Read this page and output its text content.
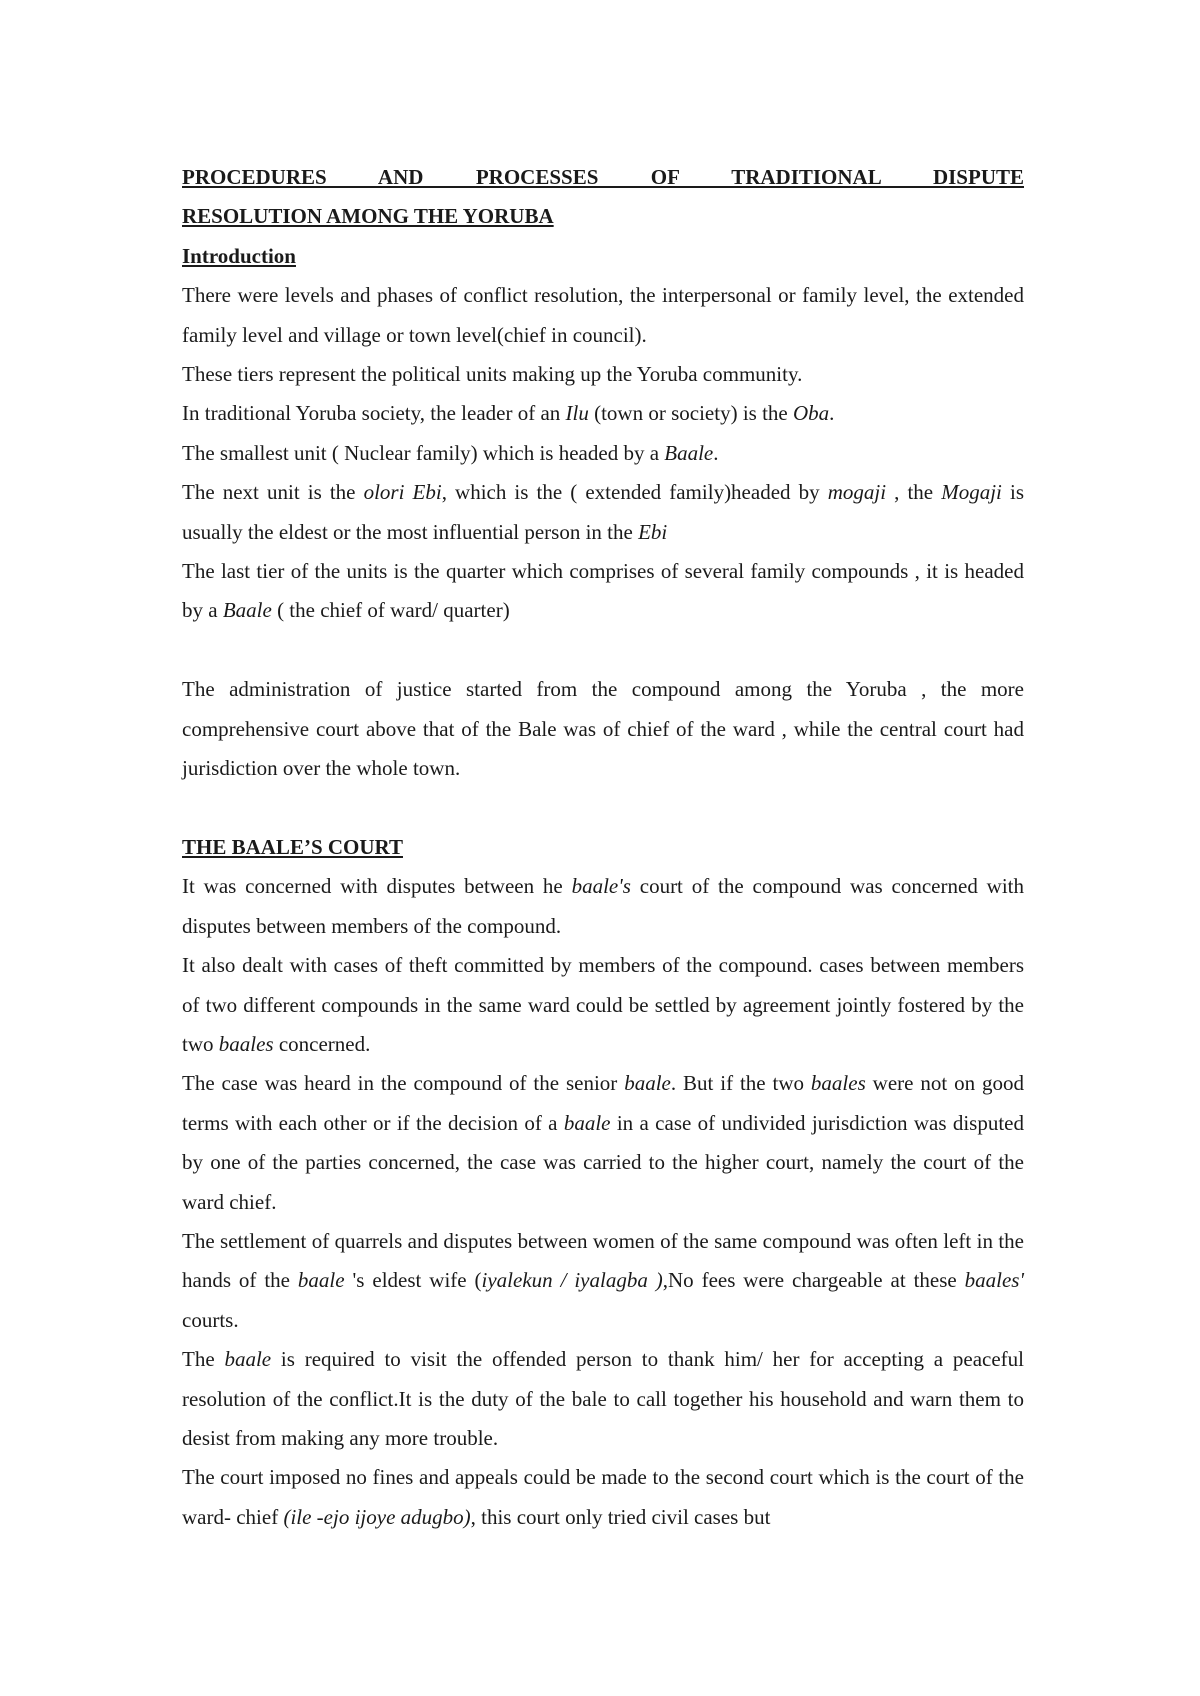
PROCEDURES AND PROCESSES OF TRADITIONAL DISPUTE
RESOLUTION AMONG THE YORUBA

Introduction

There were levels and phases of conflict resolution, the interpersonal or family level, the extended family level and village or town level(chief in council).

These tiers represent the political units making up the Yoruba community.

In traditional Yoruba society, the leader of an Ilu (town or society) is the Oba.

The smallest unit ( Nuclear family) which is headed by a Baale.

The next unit is the olori Ebi, which is the ( extended family)headed by mogaji , the Mogaji is usually the eldest or the most influential person in the Ebi

The last tier of the units is the quarter which comprises of several family compounds , it is headed by a Baale ( the chief of ward/ quarter)

The administration of justice started from the compound among the Yoruba , the more comprehensive court above that of the Bale was of chief of the ward , while the central court had jurisdiction over the whole town.

THE BAALE’S COURT

It was concerned with disputes between he baale's court of the compound was concerned with disputes between members of the compound.

It also dealt with cases of theft committed by members of the compound. cases between members of two different compounds in the same ward could be settled by agreement jointly fostered by the two baales concerned.

The case was heard in the compound of the senior baale. But if the two baales were not on good terms with each other or if the decision of a baale in a case of undivided jurisdiction was disputed by one of the parties concerned, the case was carried to the higher court, namely the court of the ward chief.

The settlement of quarrels and disputes between women of the same compound was often left in the hands of the baale 's eldest wife (iyalekun / iyalagba ),No fees were chargeable at these baales' courts.

The baale is required to visit the offended person to thank him/ her for accepting a peaceful resolution of the conflict.It is the duty of the bale to call together his household and warn them to desist from making any more trouble.

The court imposed no fines and appeals could be made to the second court which is the court of the ward- chief (ile -ejo ijoye adugbo), this court only tried civil cases but
